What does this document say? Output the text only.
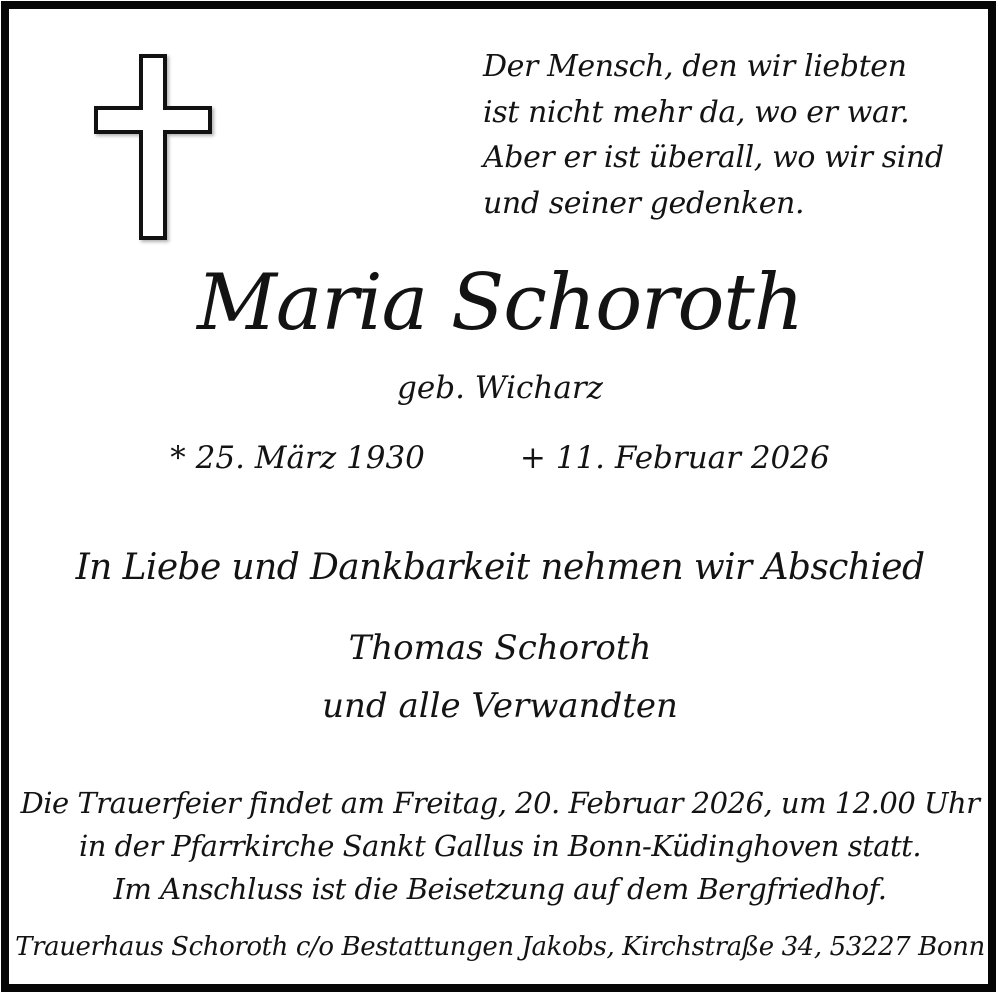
Der Mensch, den wir liebten
ist nicht mehr da, wo er war.
Aber er ist überall, wo wir sind
und seiner gedenken.
Maria Schoroth
geb. Wicharz
* 25. März 1930	+ 11. Februar 2026
In Liebe und Dankbarkeit nehmen wir Abschied
Thomas Schoroth
und alle Verwandten
Die Trauerfeier findet am Freitag, 20. Februar 2026, um 12.00 Uhr
in der Pfarrkirche Sankt Gallus in Bonn-Küdinghoven statt.
Im Anschluss ist die Beisetzung auf dem Bergfriedhof.
Trauerhaus Schoroth c/o Bestattungen Jakobs, Kirchstraße 34, 53227 Bonn
